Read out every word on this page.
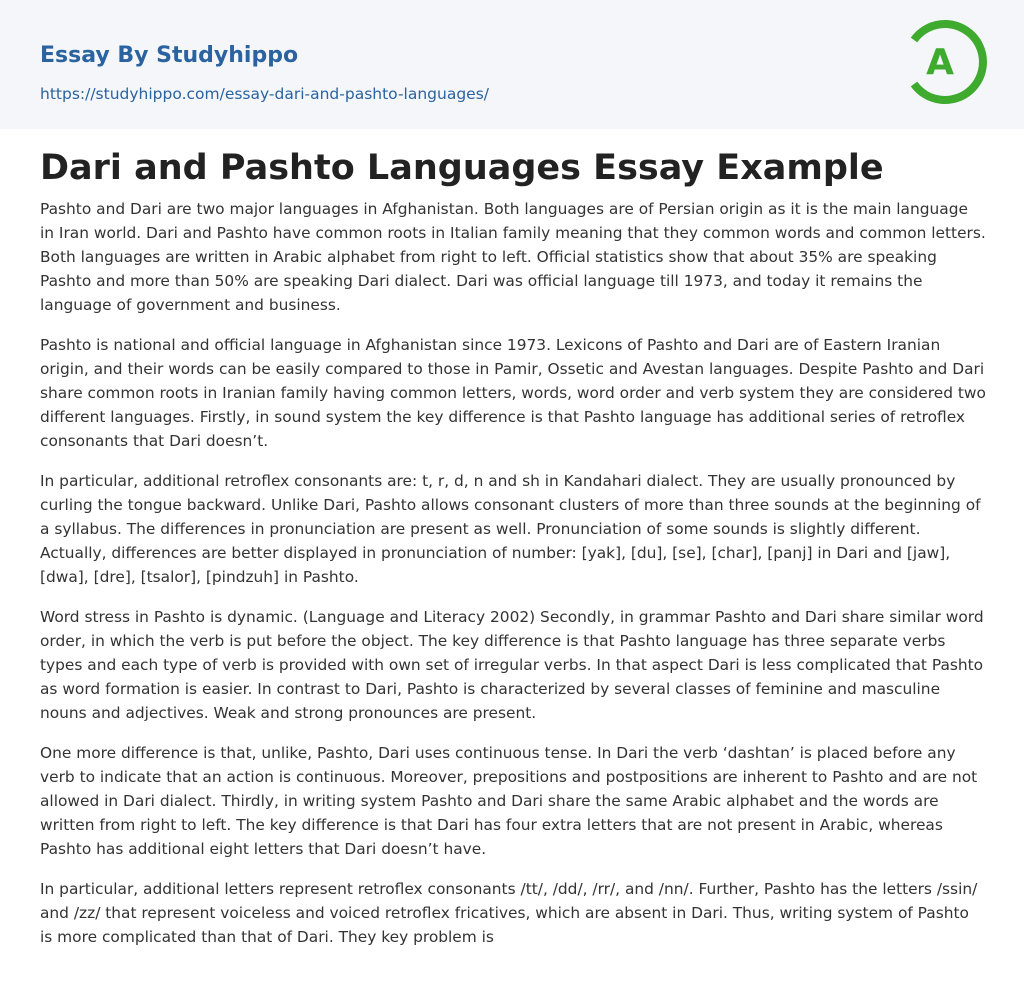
Essay By Studyhippo
https://studyhippo.com/essay-dari-and-pashto-languages/
A
Dari and Pashto Languages Essay Example

Pashto and Dari are two major languages in Afghanistan. Both languages are of Persian origin as it is the main language in Iran world. Dari and Pashto have common roots in Italian family meaning that they common words and common letters. Both languages are written in Arabic alphabet from right to left. Official statistics show that about 35% are speaking Pashto and more than 50% are speaking Dari dialect. Dari was official language till 1973, and today it remains the language of government and business.

Pashto is national and official language in Afghanistan since 1973. Lexicons of Pashto and Dari are of Eastern Iranian origin, and their words can be easily compared to those in Pamir, Ossetic and Avestan languages. Despite Pashto and Dari share common roots in Iranian family having common letters, words, word order and verb system they are considered two different languages. Firstly, in sound system the key difference is that Pashto language has additional series of retroflex consonants that Dari doesn’t.

In particular, additional retroflex consonants are: t, r, d, n and sh in Kandahari dialect. They are usually pronounced by curling the tongue backward. Unlike Dari, Pashto allows consonant clusters of more than three sounds at the beginning of a syllabus. The differences in pronunciation are present as well. Pronunciation of some sounds is slightly different. Actually, differences are better displayed in pronunciation of number: [yak], [du], [se], [char], [panj] in Dari and [jaw], [dwa], [dre], [tsalor], [pindzuh] in Pashto.

Word stress in Pashto is dynamic. (Language and Literacy 2002) Secondly, in grammar Pashto and Dari share similar word order, in which the verb is put before the object. The key difference is that Pashto language has three separate verbs types and each type of verb is provided with own set of irregular verbs. In that aspect Dari is less complicated that Pashto as word formation is easier. In contrast to Dari, Pashto is characterized by several classes of feminine and masculine nouns and adjectives. Weak and strong pronounces are present.

One more difference is that, unlike, Pashto, Dari uses continuous tense. In Dari the verb ‘dashtan’ is placed before any verb to indicate that an action is continuous. Moreover, prepositions and postpositions are inherent to Pashto and are not allowed in Dari dialect. Thirdly, in writing system Pashto and Dari share the same Arabic alphabet and the words are written from right to left. The key difference is that Dari has four extra letters that are not present in Arabic, whereas Pashto has additional eight letters that Dari doesn’t have.

In particular, additional letters represent retroflex consonants /tt/, /dd/, /rr/, and /nn/. Further, Pashto has the letters /ssin/ and /zz/ that represent voiceless and voiced retroflex fricatives, which are absent in Dari. Thus, writing system of Pashto is more complicated than that of Dari. They key problem is
